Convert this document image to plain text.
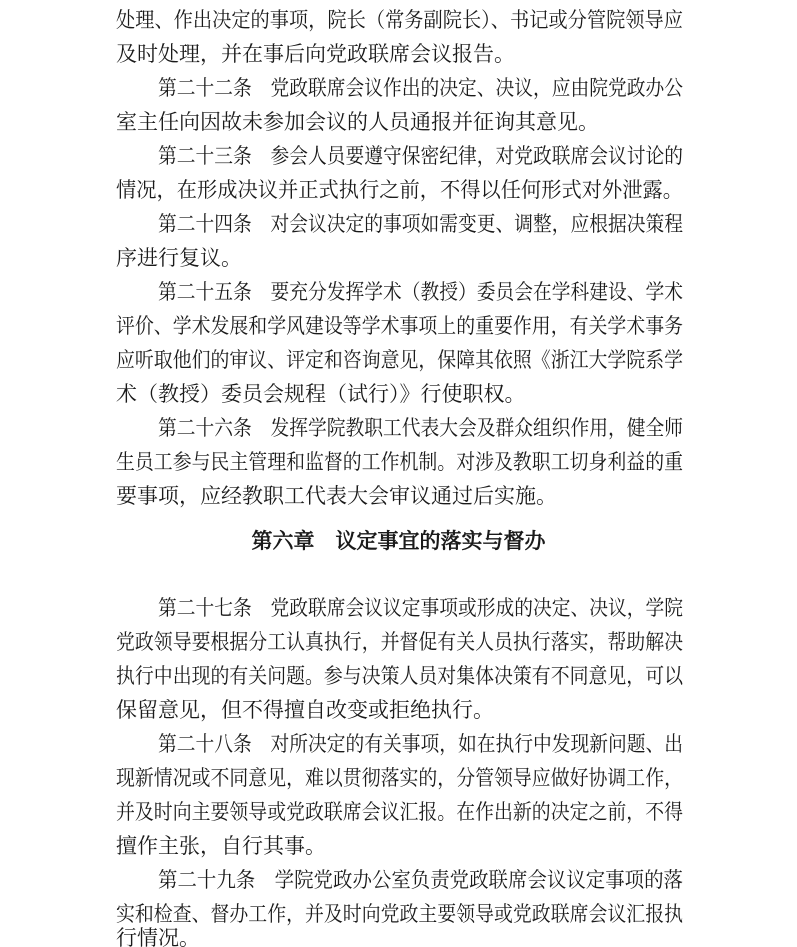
处理、作出决定的事项，院长（常务副院长）、书记或分管院领导应
及时处理，并在事后向党政联席会议报告。
第二十二条　党政联席会议作出的决定、决议，应由院党政办公
室主任向因故未参加会议的人员通报并征询其意见。
第二十三条　参会人员要遵守保密纪律，对党政联席会议讨论的
情况，在形成决议并正式执行之前，不得以任何形式对外泄露。
第二十四条　对会议决定的事项如需变更、调整，应根据决策程
序进行复议。
第二十五条　要充分发挥学术（教授）委员会在学科建设、学术
评价、学术发展和学风建设等学术事项上的重要作用，有关学术事务
应听取他们的审议、评定和咨询意见，保障其依照《浙江大学院系学
术（教授）委员会规程（试行）》行使职权。
第二十六条　发挥学院教职工代表大会及群众组织作用，健全师
生员工参与民主管理和监督的工作机制。对涉及教职工切身利益的重
要事项，应经教职工代表大会审议通过后实施。
第六章　议定事宜的落实与督办
第二十七条　党政联席会议议定事项或形成的决定、决议，学院
党政领导要根据分工认真执行，并督促有关人员执行落实，帮助解决
执行中出现的有关问题。参与决策人员对集体决策有不同意见，可以
保留意见，但不得擅自改变或拒绝执行。
第二十八条　对所决定的有关事项，如在执行中发现新问题、出
现新情况或不同意见，难以贯彻落实的，分管领导应做好协调工作，
并及时向主要领导或党政联席会议汇报。在作出新的决定之前，不得
擅作主张，自行其事。
第二十九条　学院党政办公室负责党政联席会议议定事项的落
实和检查、督办工作，并及时向党政主要领导或党政联席会议汇报执
行情况。
